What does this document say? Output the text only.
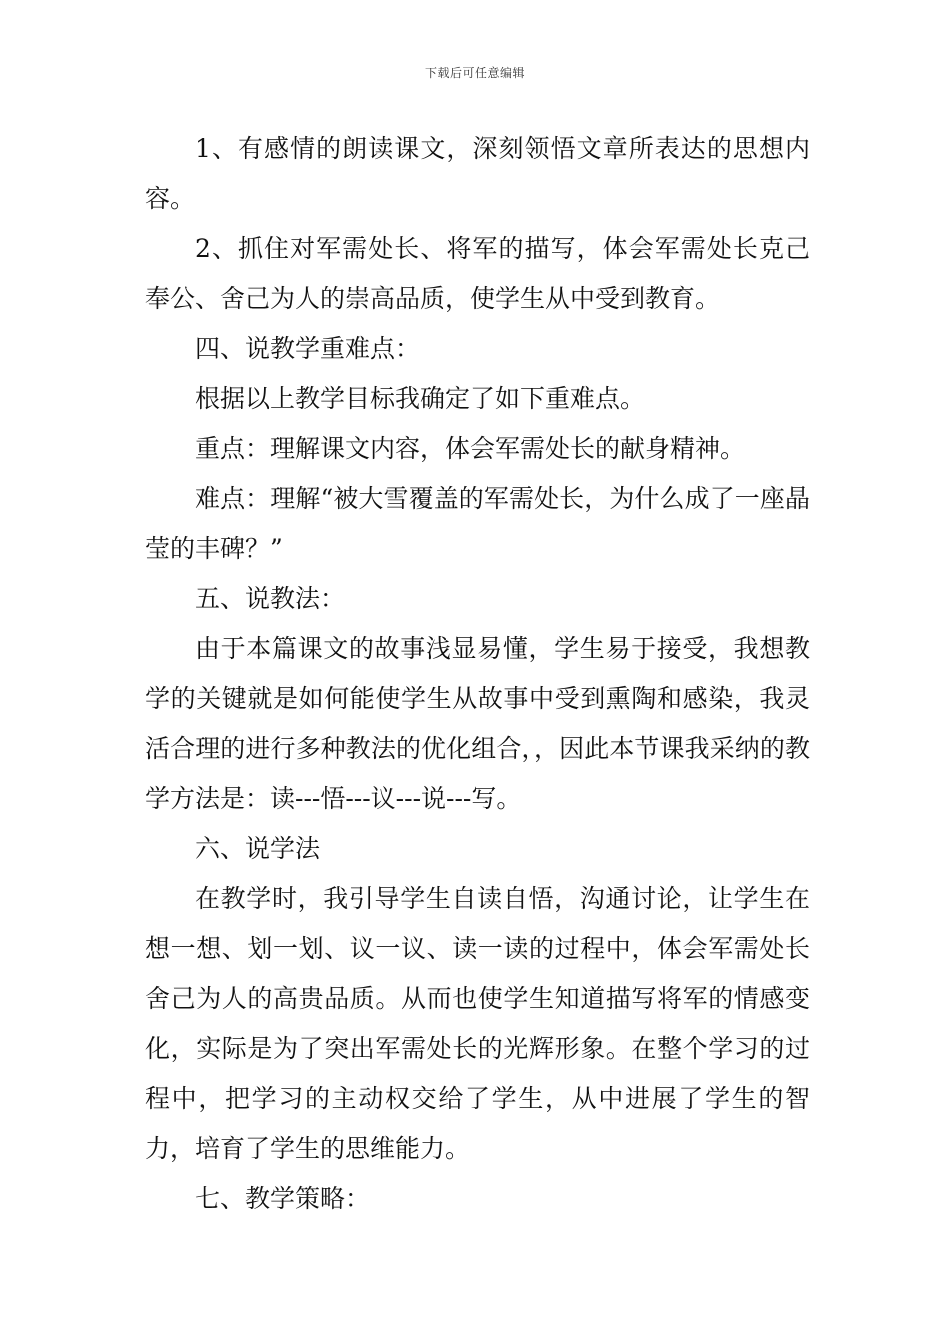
下载后可任意编辑

1、有感情的朗读课文，深刻领悟文章所表达的思想内容。

2、抓住对军需处长、将军的描写，体会军需处长克己奉公、舍己为人的崇高品质，使学生从中受到教育。

四、说教学重难点：

根据以上教学目标我确定了如下重难点。

重点：理解课文内容，体会军需处长的献身精神。

难点：理解“被大雪覆盖的军需处长，为什么成了一座晶莹的丰碑？”

五、说教法：

由于本篇课文的故事浅显易懂，学生易于接受，我想教学的关键就是如何能使学生从故事中受到熏陶和感染，我灵活合理的进行多种教法的优化组合，，因此本节课我采纳的教学方法是：读---悟---议---说---写。

六、说学法

在教学时，我引导学生自读自悟，沟通讨论，让学生在想一想、划一划、议一议、读一读的过程中，体会军需处长舍己为人的高贵品质。从而也使学生知道描写将军的情感变化，实际是为了突出军需处长的光辉形象。在整个学习的过程中，把学习的主动权交给了学生，从中进展了学生的智力，培育了学生的思维能力。

七、教学策略：
